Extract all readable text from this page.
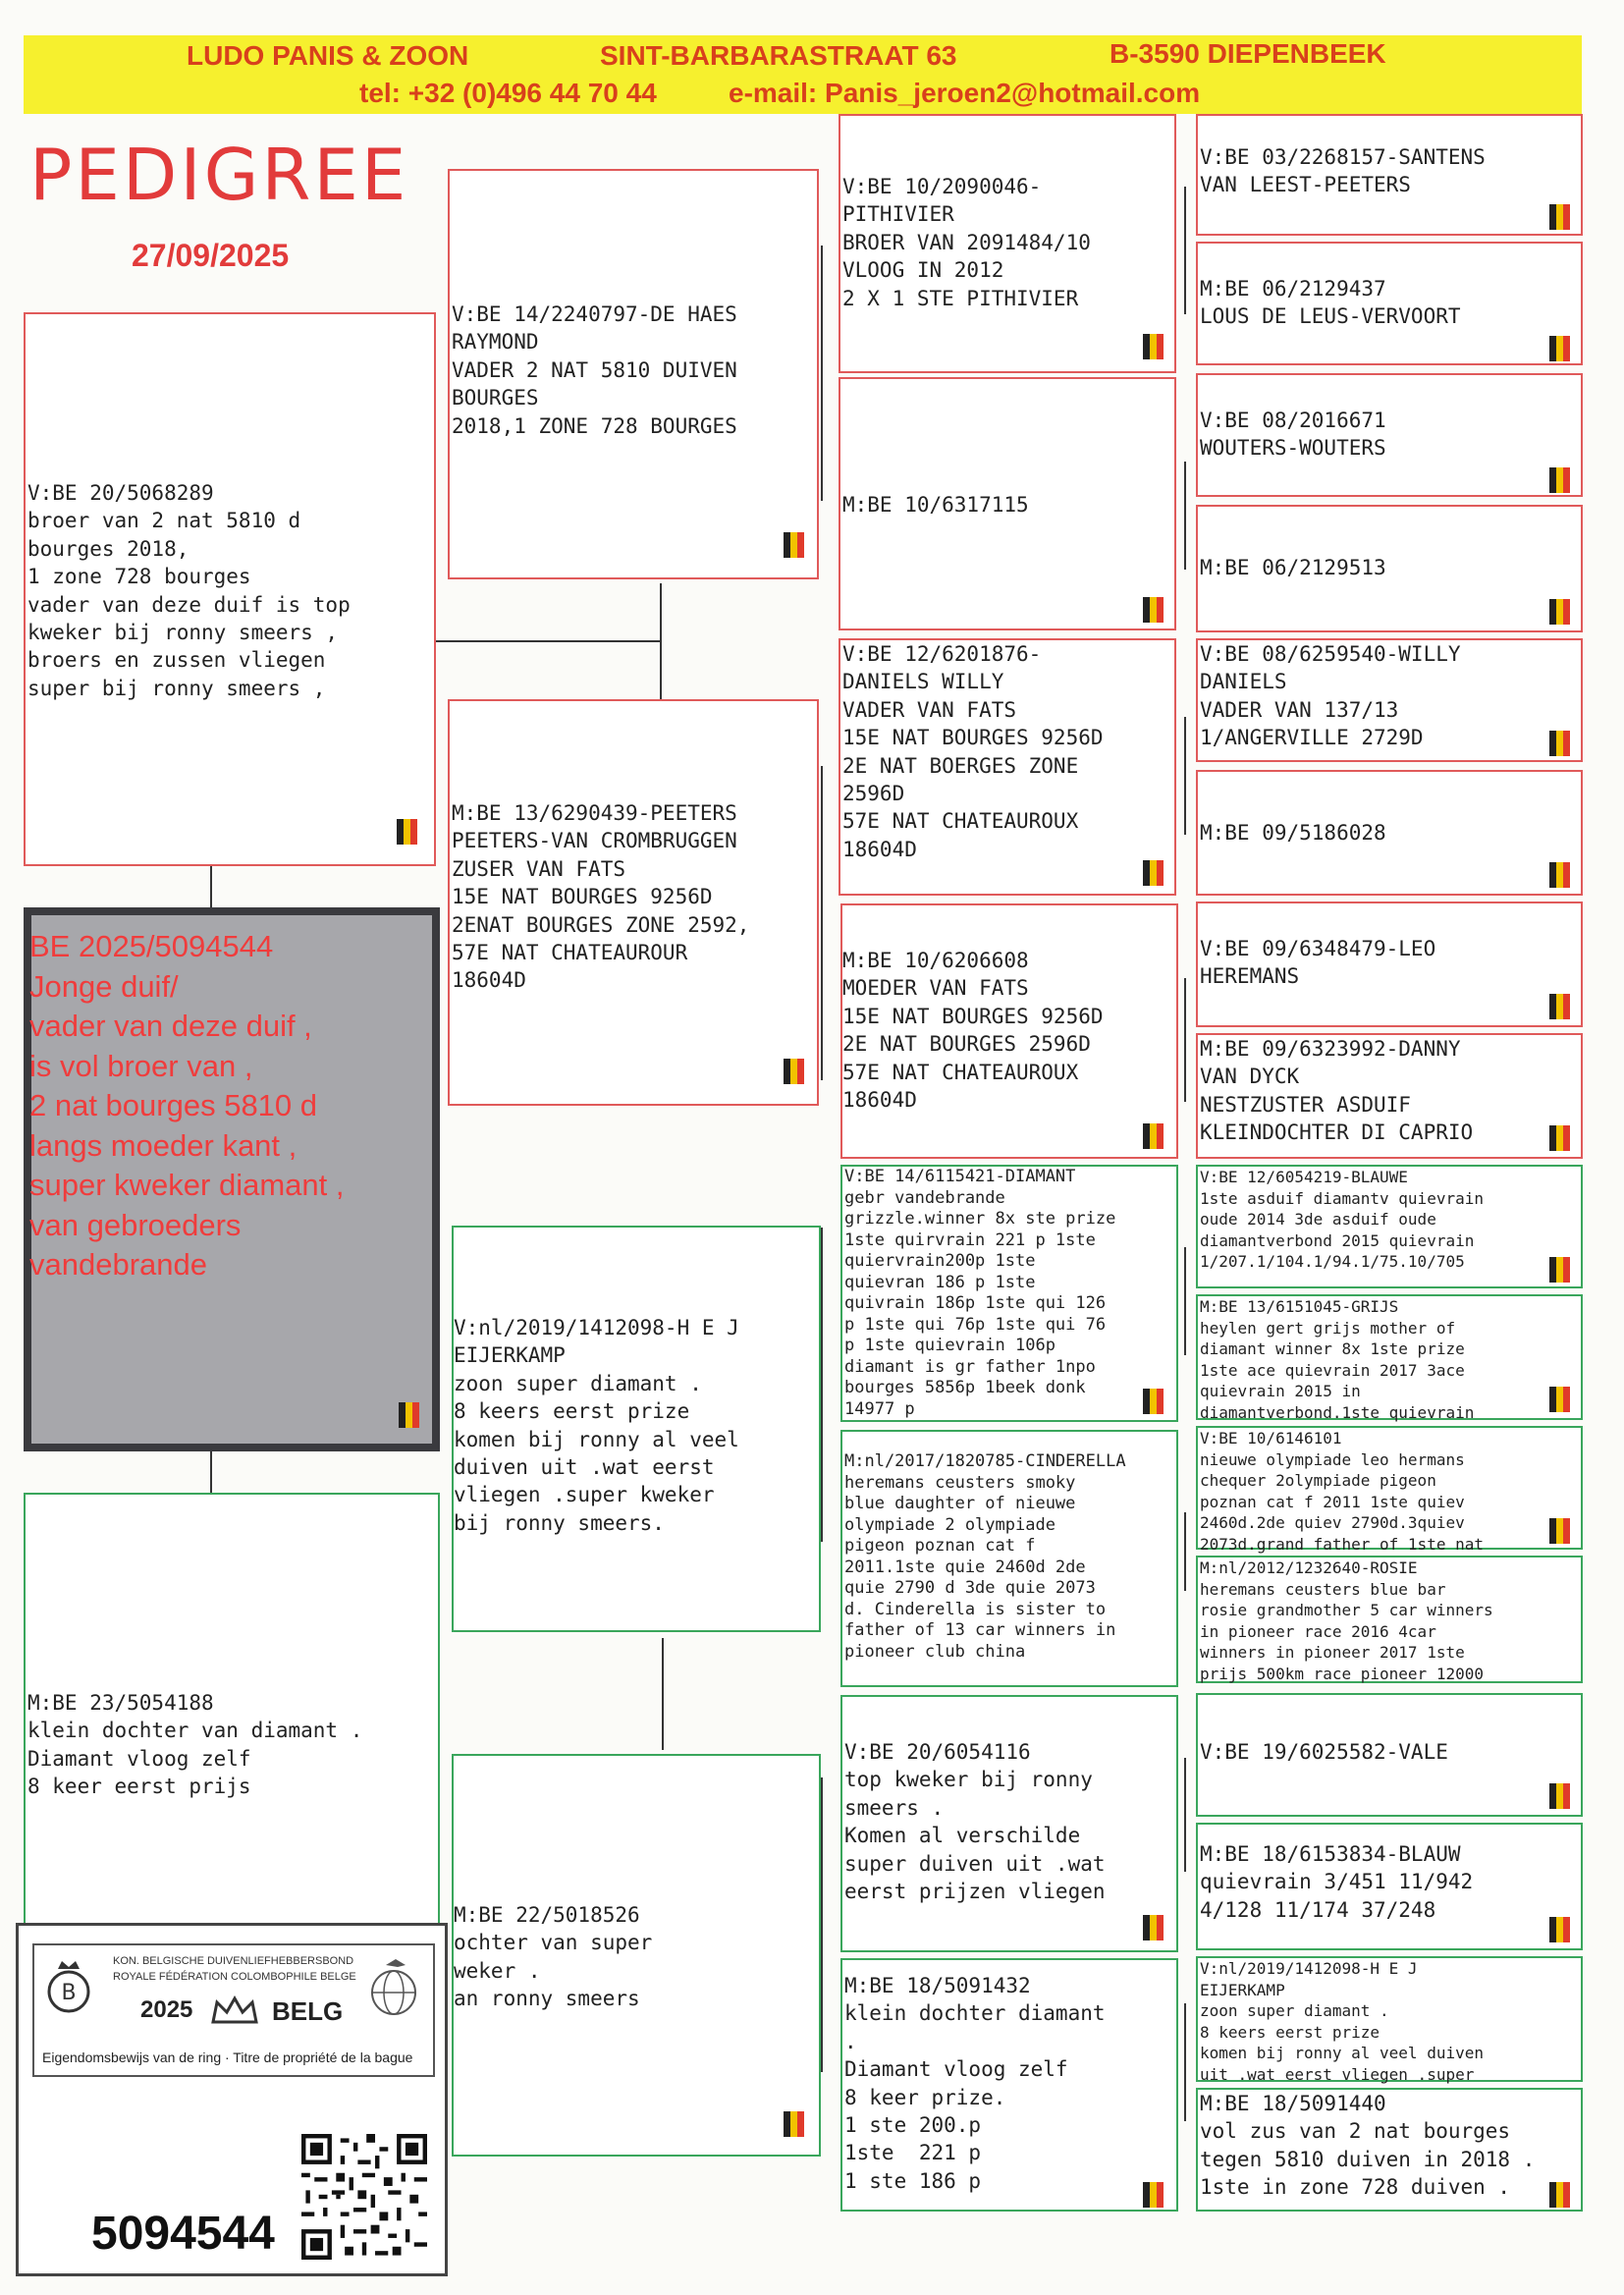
LUDO PANIS & ZOON	SINT-BARBARASTRAAT 63	B-3590 DIEPENBEEK
tel: +32 (0)496 44 70 44	e-mail: Panis_jeroen2@hotmail.com
PEDIGREE
27/09/2025
V:BE 20/5068289
broer van 2 nat 5810 d
bourges 2018,
1 zone 728 bourges
vader van deze duif is top
kweker bij ronny smeers ,
broers en zussen vliegen
super bij ronny smeers ,
BE 2025/5094544
Jonge duif/
vader van deze duif ,
is vol broer van ,
2 nat bourges 5810 d
langs moeder kant ,
super kweker diamant ,
van gebroeders
vandebrande
M:BE 23/5054188
klein dochter van diamant .
Diamant vloog zelf
8 keer eerst prijs
V:BE 14/2240797-DE HAES
RAYMOND
VADER 2 NAT 5810 DUIVEN
BOURGES
2018,1 ZONE 728 BOURGES
M:BE 13/6290439-PEETERS
PEETERS-VAN CROMBRUGGEN
ZUSER VAN FATS
15E NAT BOURGES 9256D
2ENAT BOURGES ZONE 2592,
57E NAT CHATEAUROUR
18604D
V:nl/2019/1412098-H E J
EIJERKAMP
zoon super diamant .
8 keers eerst prize
komen bij ronny al veel
duiven uit .wat eerst
vliegen .super kweker
bij ronny smeers.
M:BE 22/5018526
ochter van super
weker .
an ronny smeers
V:BE 10/2090046-
PITHIVIER
BROER VAN 2091484/10
VLOOG IN 2012
2 X 1 STE PITHIVIER
M:BE 10/6317115
V:BE 12/6201876-
DANIELS WILLY
VADER VAN FATS
15E NAT BOURGES 9256D
2E NAT BOERGES ZONE
2596D
57E NAT CHATEAUROUX
18604D
M:BE 10/6206608
MOEDER VAN FATS
15E NAT BOURGES 9256D
2E NAT BOURGES 2596D
57E NAT CHATEAUROUX
18604D
V:BE 14/6115421-DIAMANT
gebr vandebrande
grizzle.winner 8x ste prize
1ste quirvrain 221 p 1ste
quiervrain200p 1ste
quievran 186 p 1ste
quivrain 186p 1ste qui 126
p 1ste qui 76p 1ste qui 76
p 1ste quievrain 106p
diamant is gr father 1npo
bourges 5856p 1beek donk
14977 p
M:nl/2017/1820785-CINDERELLA
heremans ceusters smoky
blue daughter of nieuwe
olympiade 2 olympiade
pigeon poznan cat f
2011.1ste quie 2460d 2de
quie 2790 d 3de quie 2073
d. Cinderella is sister to
father of 13 car winners in
pioneer club china
V:BE 20/6054116
top kweker bij ronny
smeers .
Komen al verschilde
super duiven uit .wat
eerst prijzen vliegen
M:BE 18/5091432
klein dochter diamant
.
Diamant vloog zelf
8 keer prize.
1 ste 200.p
1ste  221 p
1 ste 186 p
V:BE 03/2268157-SANTENS
VAN LEEST-PEETERS
M:BE 06/2129437
LOUS DE LEUS-VERVOORT
V:BE 08/2016671
WOUTERS-WOUTERS
M:BE 06/2129513
V:BE 08/6259540-WILLY
DANIELS
VADER VAN 137/13
1/ANGERVILLE 2729D
M:BE 09/5186028
V:BE 09/6348479-LEO
HEREMANS
M:BE 09/6323992-DANNY
VAN DYCK
NESTZUSTER ASDUIF
KLEINDOCHTER DI CAPRIO
V:BE 12/6054219-BLAUWE
1ste asduif diamantv quievrain
oude 2014 3de asduif oude
diamantverbond 2015 quievrain
1/207.1/104.1/94.1/75.10/705
M:BE 13/6151045-GRIJS
heylen gert grijs mother of
diamant winner 8x 1ste prize
1ste ace quievrain 2017 3ace
quievrain 2015 in
diamantverbond.1ste quievrain
V:BE 10/6146101
nieuwe olympiade leo hermans
chequer 2olympiade pigeon
poznan cat f 2011 1ste quiev
2460d.2de quiev 2790d.3quiev
2073d.grand father of 1ste nat
M:nl/2012/1232640-ROSIE
heremans ceusters blue bar
rosie grandmother 5 car winners
in pioneer race 2016 4car
winners in pioneer 2017 1ste
prijs 500km race pioneer 12000
V:BE 19/6025582-VALE
M:BE 18/6153834-BLAUW
quievrain 3/451 11/942
4/128 11/174 37/248
V:nl/2019/1412098-H E J
EIJERKAMP
zoon super diamant .
8 keers eerst prize
komen bij ronny al veel duiven
uit .wat eerst vliegen .super
M:BE 18/5091440
vol zus van 2 nat bourges
tegen 5810 duiven in 2018 .
1ste in zone 728 duiven .
B
KON. BELGISCHE DUIVENLIEFHEBBERSBOND
ROYALE FÉDÉRATION COLOMBOPHILE BELGE
2025	BELG
Eigendomsbewijs van de ring · Titre de propriété de la bague
5094544
